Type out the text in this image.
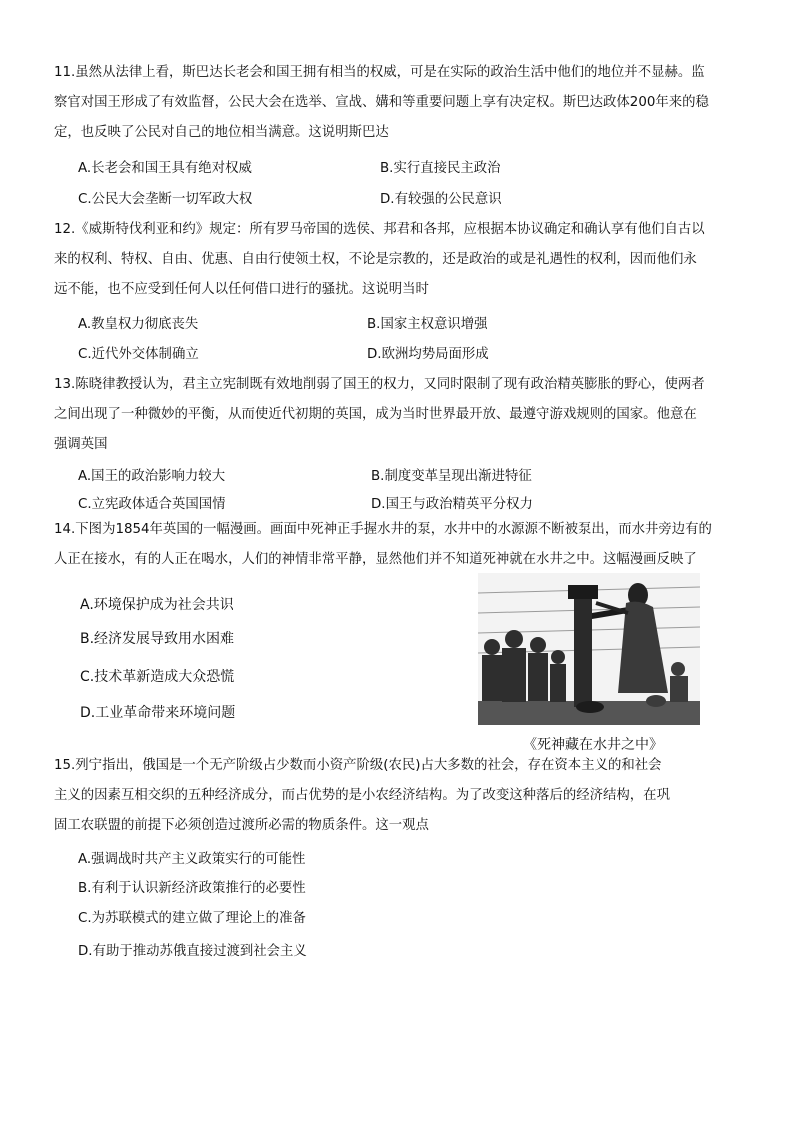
11.虽然从法律上看，斯巴达长老会和国王拥有相当的权威，可是在实际的政治生活中他们的地位并不显赫。监
察官对国王形成了有效监督，公民大会在选举、宣战、媾和等重要问题上享有决定权。斯巴达政体200年来的稳
定，也反映了公民对自己的地位相当满意。这说明斯巴达
A.长老会和国王具有绝对权威	B.实行直接民主政治
C.公民大会垄断一切军政大权	D.有较强的公民意识
12.《威斯特伐利亚和约》规定：所有罗马帝国的选侯、邦君和各邦，应根据本协议确定和确认享有他们自古以
来的权利、特权、自由、优惠、自由行使领土权，不论是宗教的，还是政治的或是礼遇性的权利，因而他们永
远不能，也不应受到任何人以任何借口进行的骚扰。这说明当时
A.教皇权力彻底丧失	B.国家主权意识增强
C.近代外交体制确立	D.欧洲均势局面形成
13.陈晓律教授认为，君主立宪制既有效地削弱了国王的权力，又同时限制了现有政治精英膨胀的野心，使两者
之间出现了一种微妙的平衡，从而使近代初期的英国，成为当时世界最开放、最遵守游戏规则的国家。他意在
强调英国
A.国王的政治影响力较大	B.制度变革呈现出渐进特征
C.立宪政体适合英国国情	D.国王与政治精英平分权力
14.下图为1854年英国的一幅漫画。画面中死神正手握水井的泵，水井中的水源源不断被泵出，而水井旁边有的
人正在接水，有的人正在喝水，人们的神情非常平静，显然他们并不知道死神就在水井之中。这幅漫画反映了
A.环境保护成为社会共识
B.经济发展导致用水困难
C.技术革新造成大众恐慌
D.工业革命带来环境问题
《死神藏在水井之中》
15.列宁指出，俄国是一个无产阶级占少数而小资产阶级(农民)占大多数的社会，存在资本主义的和社会
主义的因素互相交织的五种经济成分，而占优势的是小农经济结构。为了改变这种落后的经济结构，在巩
固工农联盟的前提下必须创造过渡所必需的物质条件。这一观点
A.强调战时共产主义政策实行的可能性
B.有利于认识新经济政策推行的必要性
C.为苏联模式的建立做了理论上的准备
D.有助于推动苏俄直接过渡到社会主义
